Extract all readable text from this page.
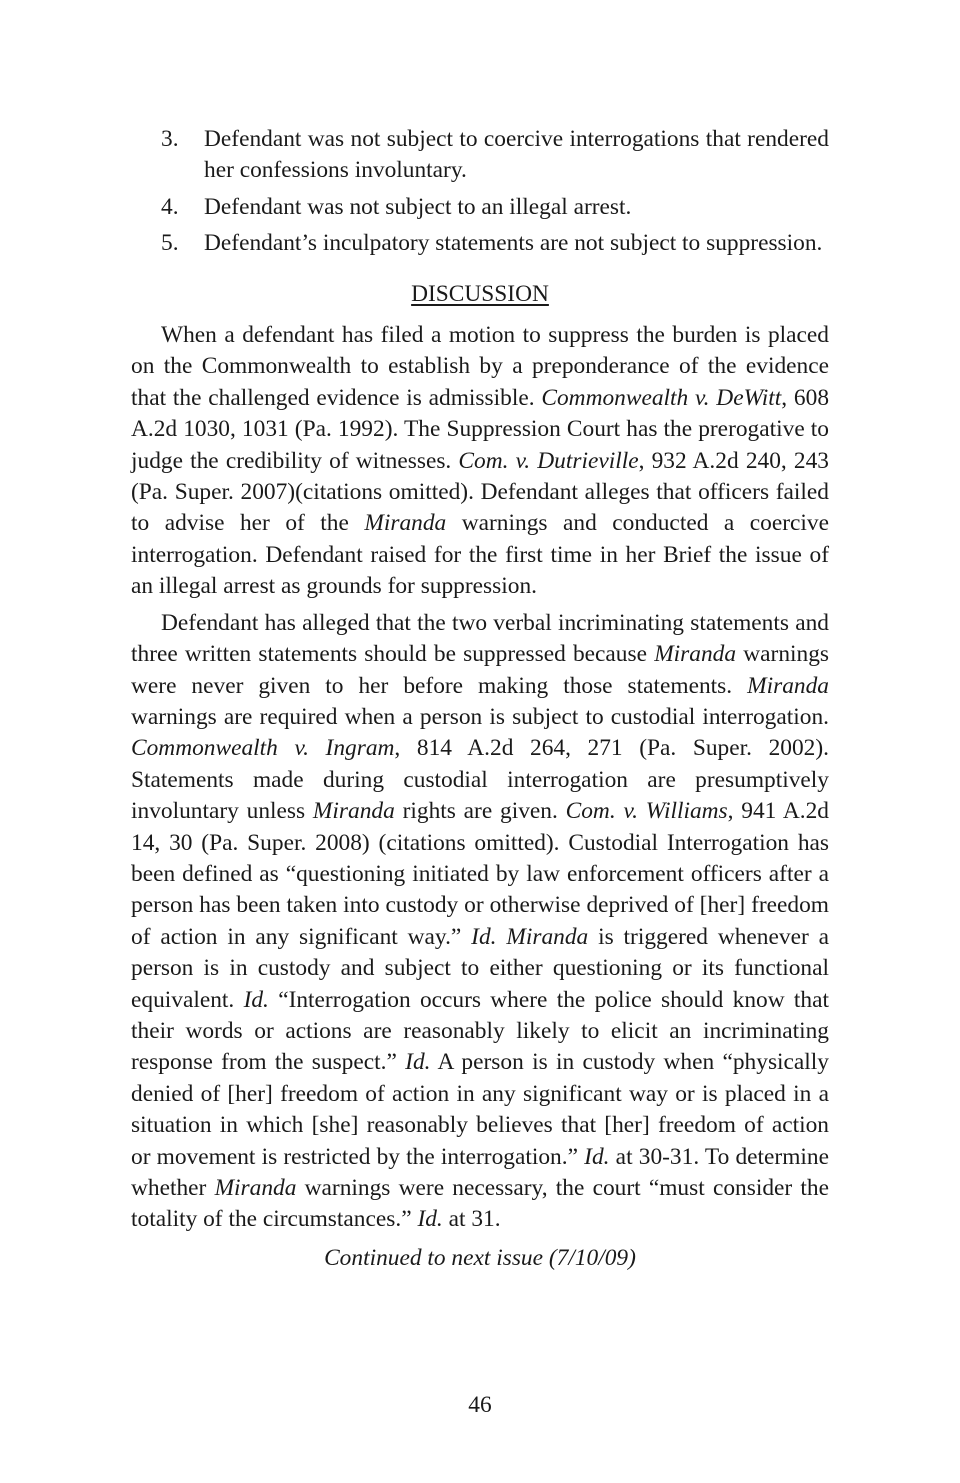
3. Defendant was not subject to coercive interrogations that rendered her confessions involuntary.
4. Defendant was not subject to an illegal arrest.
5. Defendant’s inculpatory statements are not subject to suppression.
DISCUSSION

When a defendant has filed a motion to suppress the burden is placed on the Commonwealth to establish by a preponderance of the evidence that the challenged evidence is admissible. Commonwealth v. DeWitt, 608 A.2d 1030, 1031 (Pa. 1992). The Suppression Court has the prerogative to judge the credibility of witnesses. Com. v. Dutrieville, 932 A.2d 240, 243 (Pa. Super. 2007)(citations omitted). Defendant alleges that officers failed to advise her of the Miranda warnings and conducted a coercive interrogation. Defendant raised for the first time in her Brief the issue of an illegal arrest as grounds for suppression.

Defendant has alleged that the two verbal incriminating statements and three written statements should be suppressed because Miranda warnings were never given to her before making those statements. Miranda warnings are required when a person is subject to custodial interrogation. Commonwealth v. Ingram, 814 A.2d 264, 271 (Pa. Super. 2002). Statements made during custodial interrogation are presumptively involuntary unless Miranda rights are given. Com. v. Williams, 941 A.2d 14, 30 (Pa. Super. 2008) (citations omitted). Custodial Interrogation has been defined as “questioning initiated by law enforcement officers after a person has been taken into custody or otherwise deprived of [her] freedom of action in any significant way.” Id. Miranda is triggered whenever a person is in custody and subject to either questioning or its functional equivalent. Id. “Interrogation occurs where the police should know that their words or actions are reasonably likely to elicit an incriminating response from the suspect.” Id. A person is in custody when “physically denied of [her] freedom of action in any significant way or is placed in a situation in which [she] reasonably believes that [her] freedom of action or movement is restricted by the interrogation.” Id. at 30-31. To determine whether Miranda warnings were necessary, the court “must consider the totality of the circumstances.” Id. at 31.

Continued to next issue (7/10/09)

46
